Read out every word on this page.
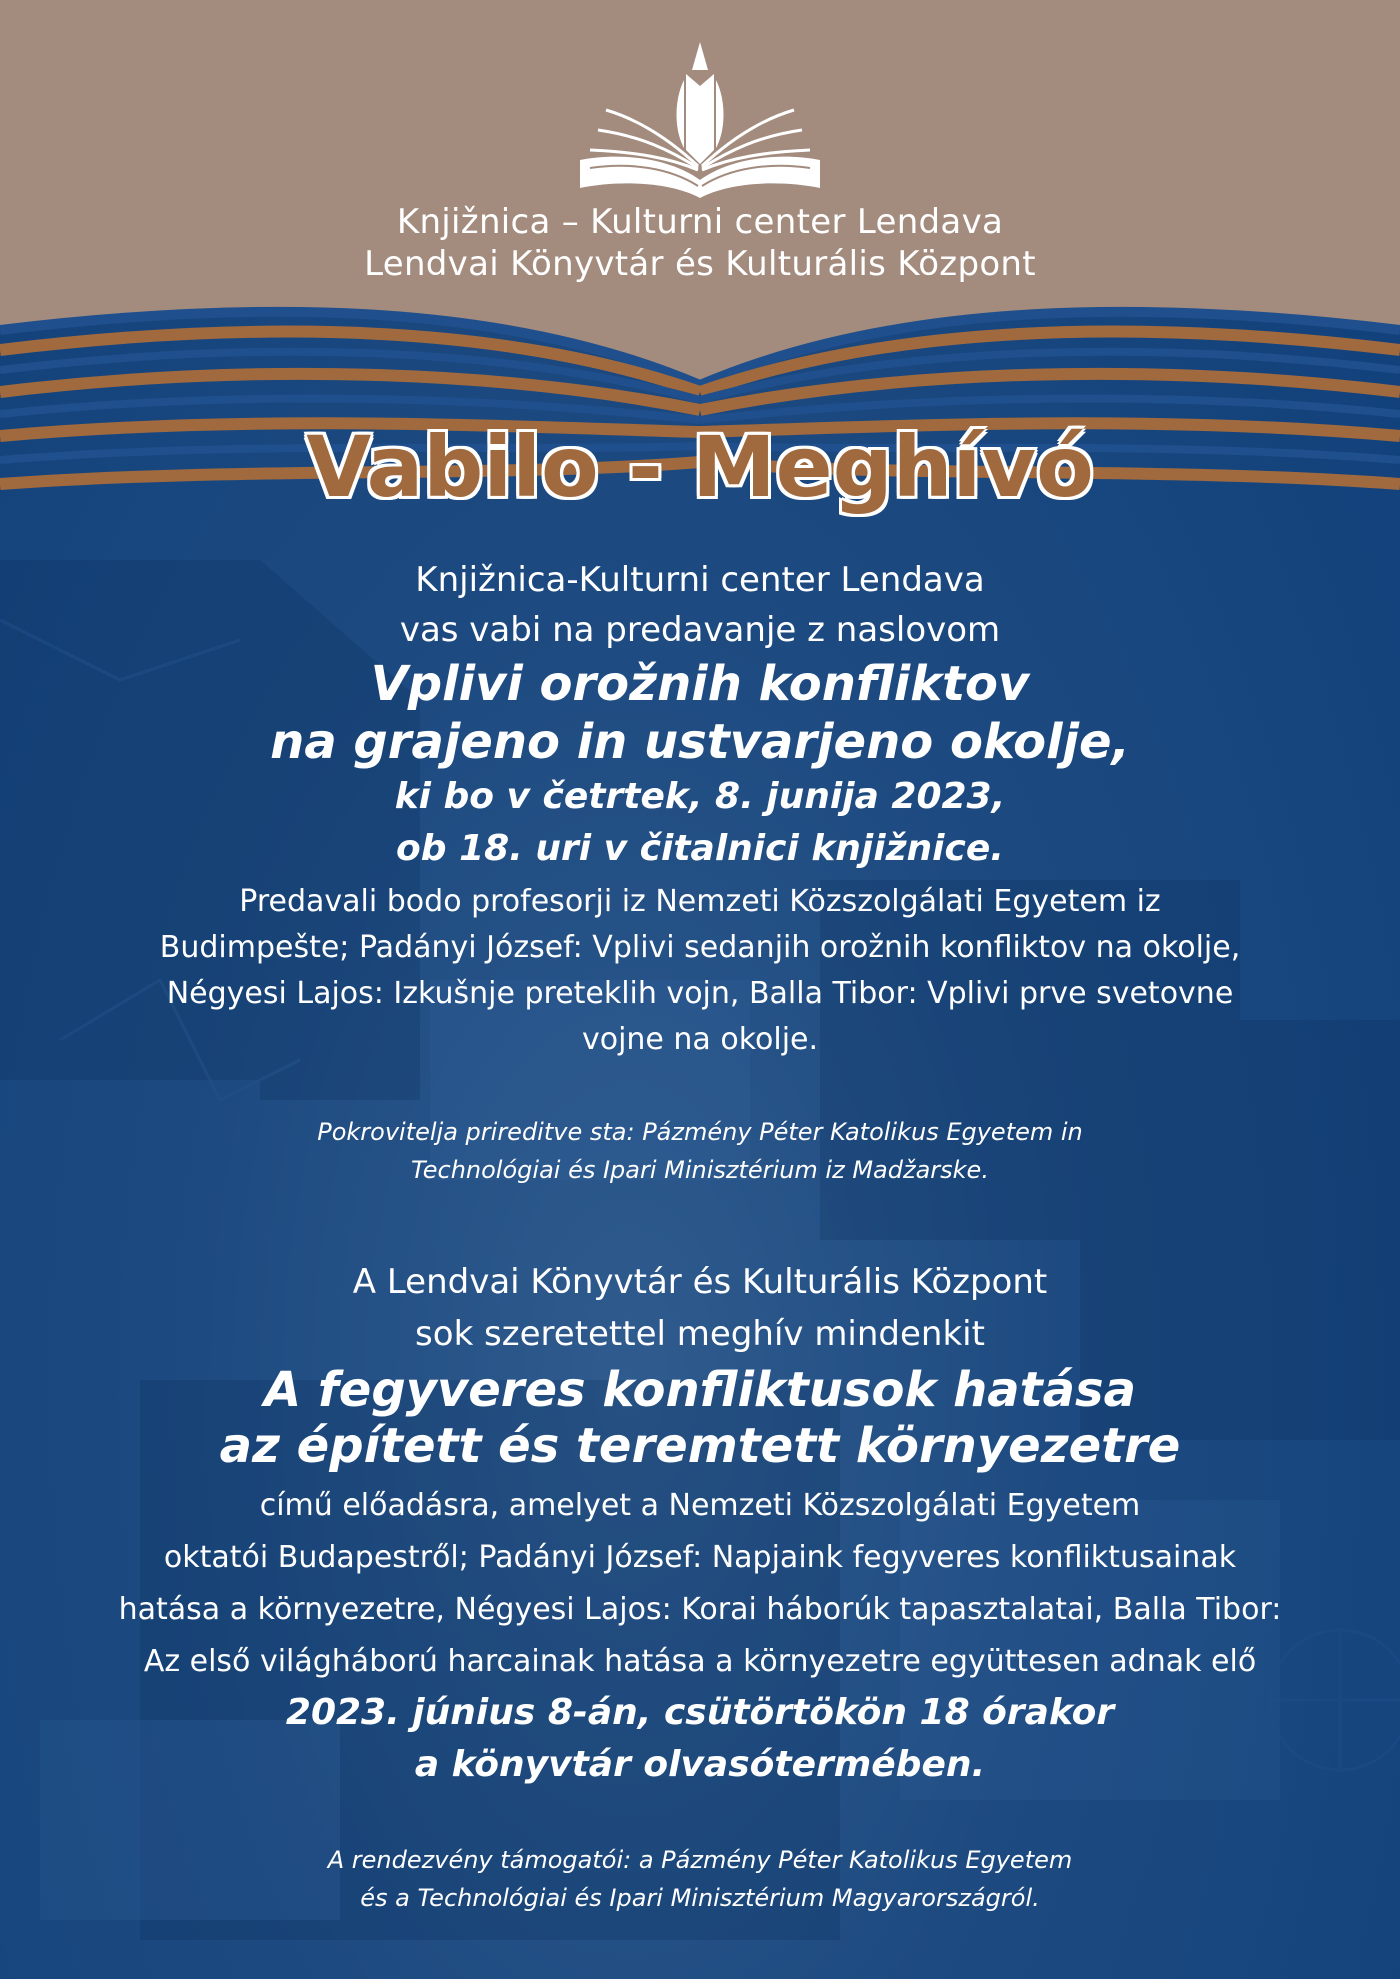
Knjižnica – Kulturni center Lendava
Lendvai Könyvtár és Kulturális Központ
Vabilo - Meghívó
Knjižnica-Kulturni center Lendava
vas vabi na predavanje z naslovom
Vplivi orožnih konfliktov
na grajeno in ustvarjeno okolje,
ki bo v četrtek, 8. junija 2023,
ob 18. uri v čitalnici knjižnice.
Predavali bodo profesorji iz Nemzeti Közszolgálati Egyetem iz
Budimpešte; Padányi József: Vplivi sedanjih orožnih konfliktov na okolje,
Négyesi Lajos: Izkušnje preteklih vojn, Balla Tibor: Vplivi prve svetovne
vojne na okolje.
Pokrovitelja prireditve sta: Pázmény Péter Katolikus Egyetem in
Technológiai és Ipari Minisztérium iz Madžarske.
A Lendvai Könyvtár és Kulturális Központ
sok szeretettel meghív mindenkit
A fegyveres konfliktusok hatása
az épített és teremtett környezetre
című előadásra, amelyet a Nemzeti Közszolgálati Egyetem
oktatói Budapestről; Padányi József: Napjaink fegyveres konfliktusainak
hatása a környezetre, Négyesi Lajos: Korai háborúk tapasztalatai, Balla Tibor:
Az első világháború harcainak hatása a környezetre együttesen adnak elő
2023. június 8-án, csütörtökön 18 órakor
a könyvtár olvasótermében.
A rendezvény támogatói: a Pázmény Péter Katolikus Egyetem
és a Technológiai és Ipari Minisztérium Magyarországról.
